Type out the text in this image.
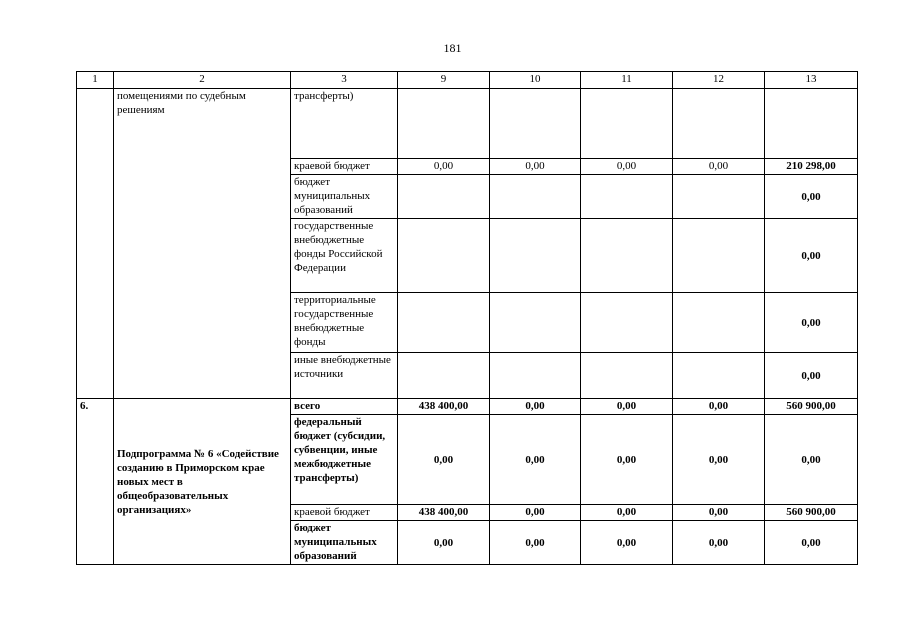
181
1	2	3	9	10	11	12	13
	помещениями по судебным решениям	трансферты)					
		краевой бюджет	0,00	0,00	0,00	0,00	210 298,00
		бюджет муниципальных образований					0,00
		государственные внебюджетные фонды Российской Федерации					0,00
		территориальные государственные внебюджетные фонды					0,00
		иные внебюджетные источники					0,00
6.	Подпрограмма № 6 «Содействие созданию в Приморском крае новых мест в общеобразовательных организациях»	всего	438 400,00	0,00	0,00	0,00	560 900,00
		федеральный бюджет (субсидии, субвенции, иные межбюджетные трансферты)	0,00	0,00	0,00	0,00	0,00
		краевой бюджет	438 400,00	0,00	0,00	0,00	560 900,00
		бюджет муниципальных образований	0,00	0,00	0,00	0,00	0,00
